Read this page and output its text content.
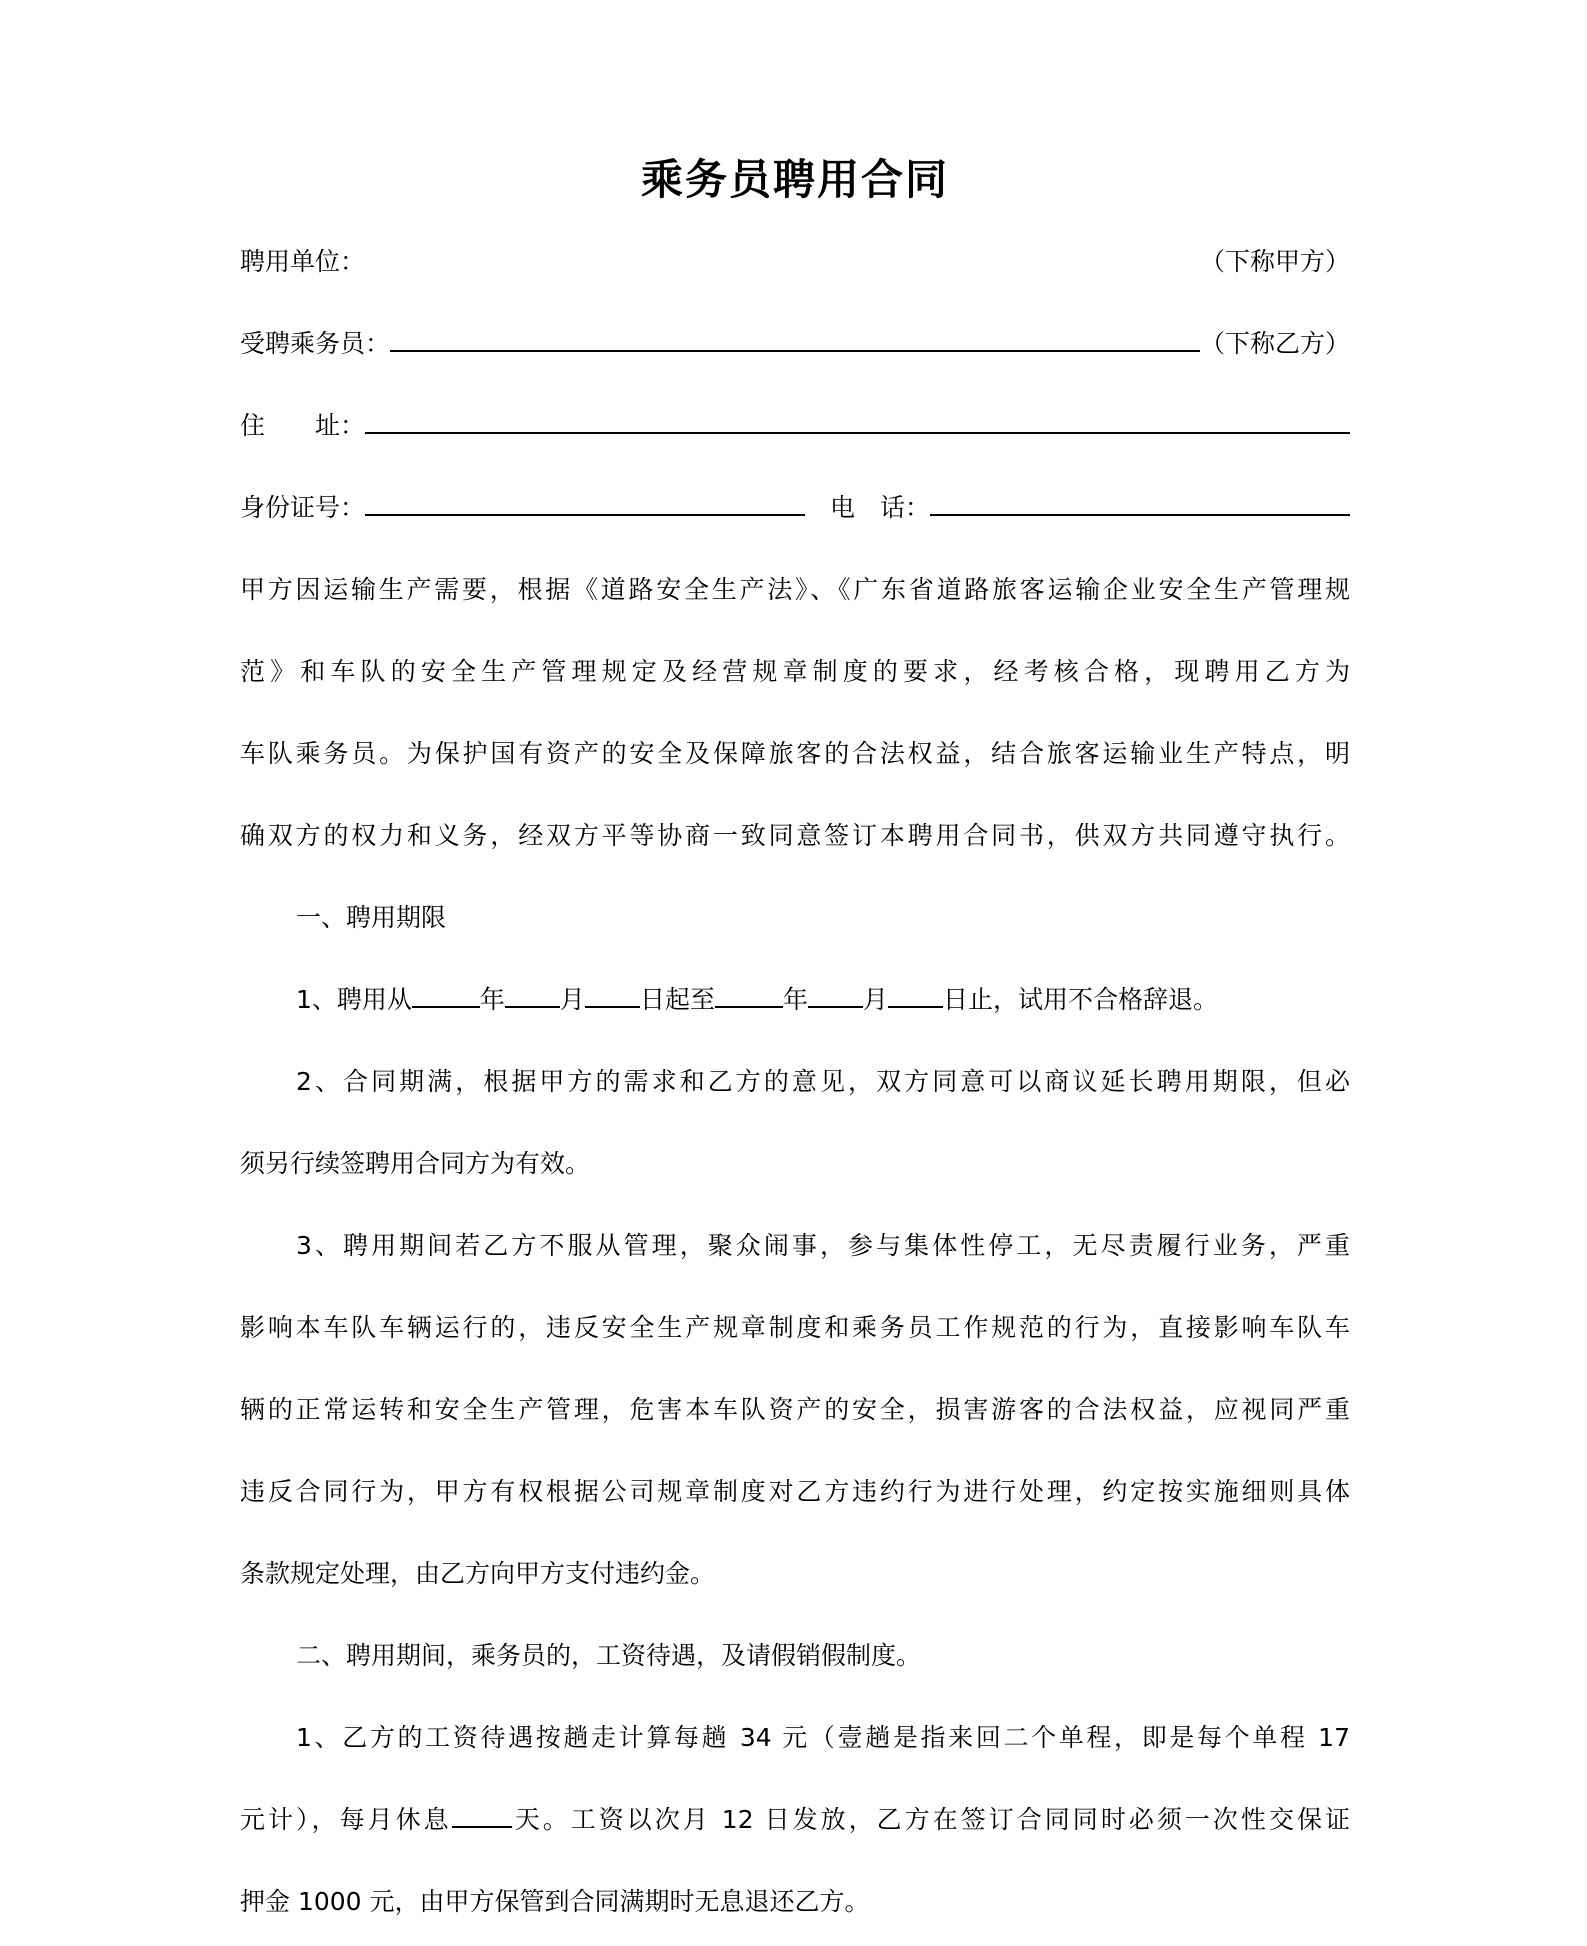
乘务员聘用合同
聘用单位：	（下称甲方）
受聘乘务员：	（下称乙方）
住　　址：
身份证号：	　电　话：
甲方因运输生产需要，根据《道路安全生产法》、《广东省道路旅客运输企业安全生产管理规
范》和车队的安全生产管理规定及经营规章制度的要求，经考核合格，现聘用乙方为
车队乘务员。为保护国有资产的安全及保障旅客的合法权益，结合旅客运输业生产特点，明
确双方的权力和义务，经双方平等协商一致同意签订本聘用合同书，供双方共同遵守执行。
一、聘用期限
1、聘用从	年 月 日起至	年 月 日止，试用不合格辞退。
2、合同期满，根据甲方的需求和乙方的意见，双方同意可以商议延长聘用期限，但必
须另行续签聘用合同方为有效。
3、聘用期间若乙方不服从管理，聚众闹事，参与集体性停工，无尽责履行业务，严重
影响本车队车辆运行的，违反安全生产规章制度和乘务员工作规范的行为，直接影响车队车
辆的正常运转和安全生产管理，危害本车队资产的安全，损害游客的合法权益，应视同严重
违反合同行为，甲方有权根据公司规章制度对乙方违约行为进行处理，约定按实施细则具体
条款规定处理，由乙方向甲方支付违约金。
二、聘用期间，乘务员的，工资待遇，及请假销假制度。
1、乙方的工资待遇按趟走计算每趟 34 元（壹趟是指来回二个单程，即是每个单程 17
元计），每月休息 天。工资以次月 12 日发放，乙方在签订合同同时必须一次性交保证
押金 1000 元，由甲方保管到合同满期时无息退还乙方。
